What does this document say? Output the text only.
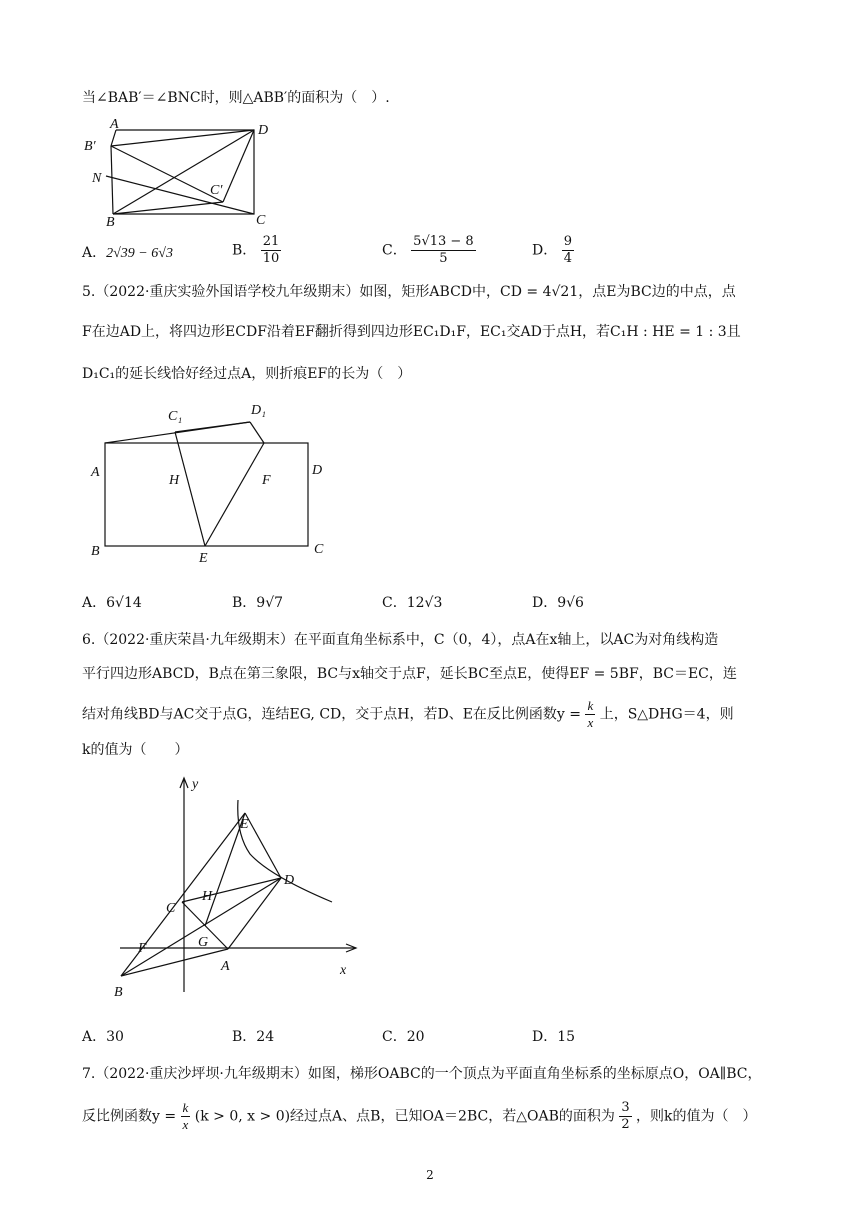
当∠BAB′＝∠BNC时，则△ABB′的面积为（　）.
A
B′
N
B
D
C′
C
A．2√39 − 6√3	B． $\frac{21}{10}$	C． $\frac{5√13 - 8}{5}$	D． $\frac{9}{4}$
5.（2022·重庆实验外国语学校九年级期末）如图，矩形ABCD中，CD = 4√21，点E为BC边的中点，点
F在边AD上，将四边形ECDF沿着EF翻折得到四边形EC₁D₁F，EC₁交AD于点H，若C₁H : HE = 1 : 3且
D₁C₁的延长线恰好经过点A，则折痕EF的长为（　）
A
B	C
D
E
F
H
C₁	D₁
A．6√14	B．9√7	C．12√3	D．9√6
6.（2022·重庆荣昌·九年级期末）在平面直角坐标系中，C（0，4），点A在x轴上，以AC为对角线构造
平行四边形ABCD，B点在第三象限，BC与x轴交于点F，延长BC至点E，使得EF = 5BF，BC＝EC，连
结对角线BD与AC交于点G，连结EG, CD，交于点H，若D、E在反比例函数$y = \frac{k}{x}$ 上，S△DHG＝4，则
k的值为（　　）
y
x
E
D
C
H
G
F
A
B
A．30	B．24	C．20	D．15
7.（2022·重庆沙坪坝·九年级期末）如图，梯形OABC的一个顶点为平面直角坐标系的坐标原点O，OA∥BC，
反比例函数$y = \frac{k}{x} (k > 0$, x > 0)经过点A、点B，已知OA＝2BC，若△OAB的面积为 $\frac{3}{2}$ ，则k的值为（　）
2
